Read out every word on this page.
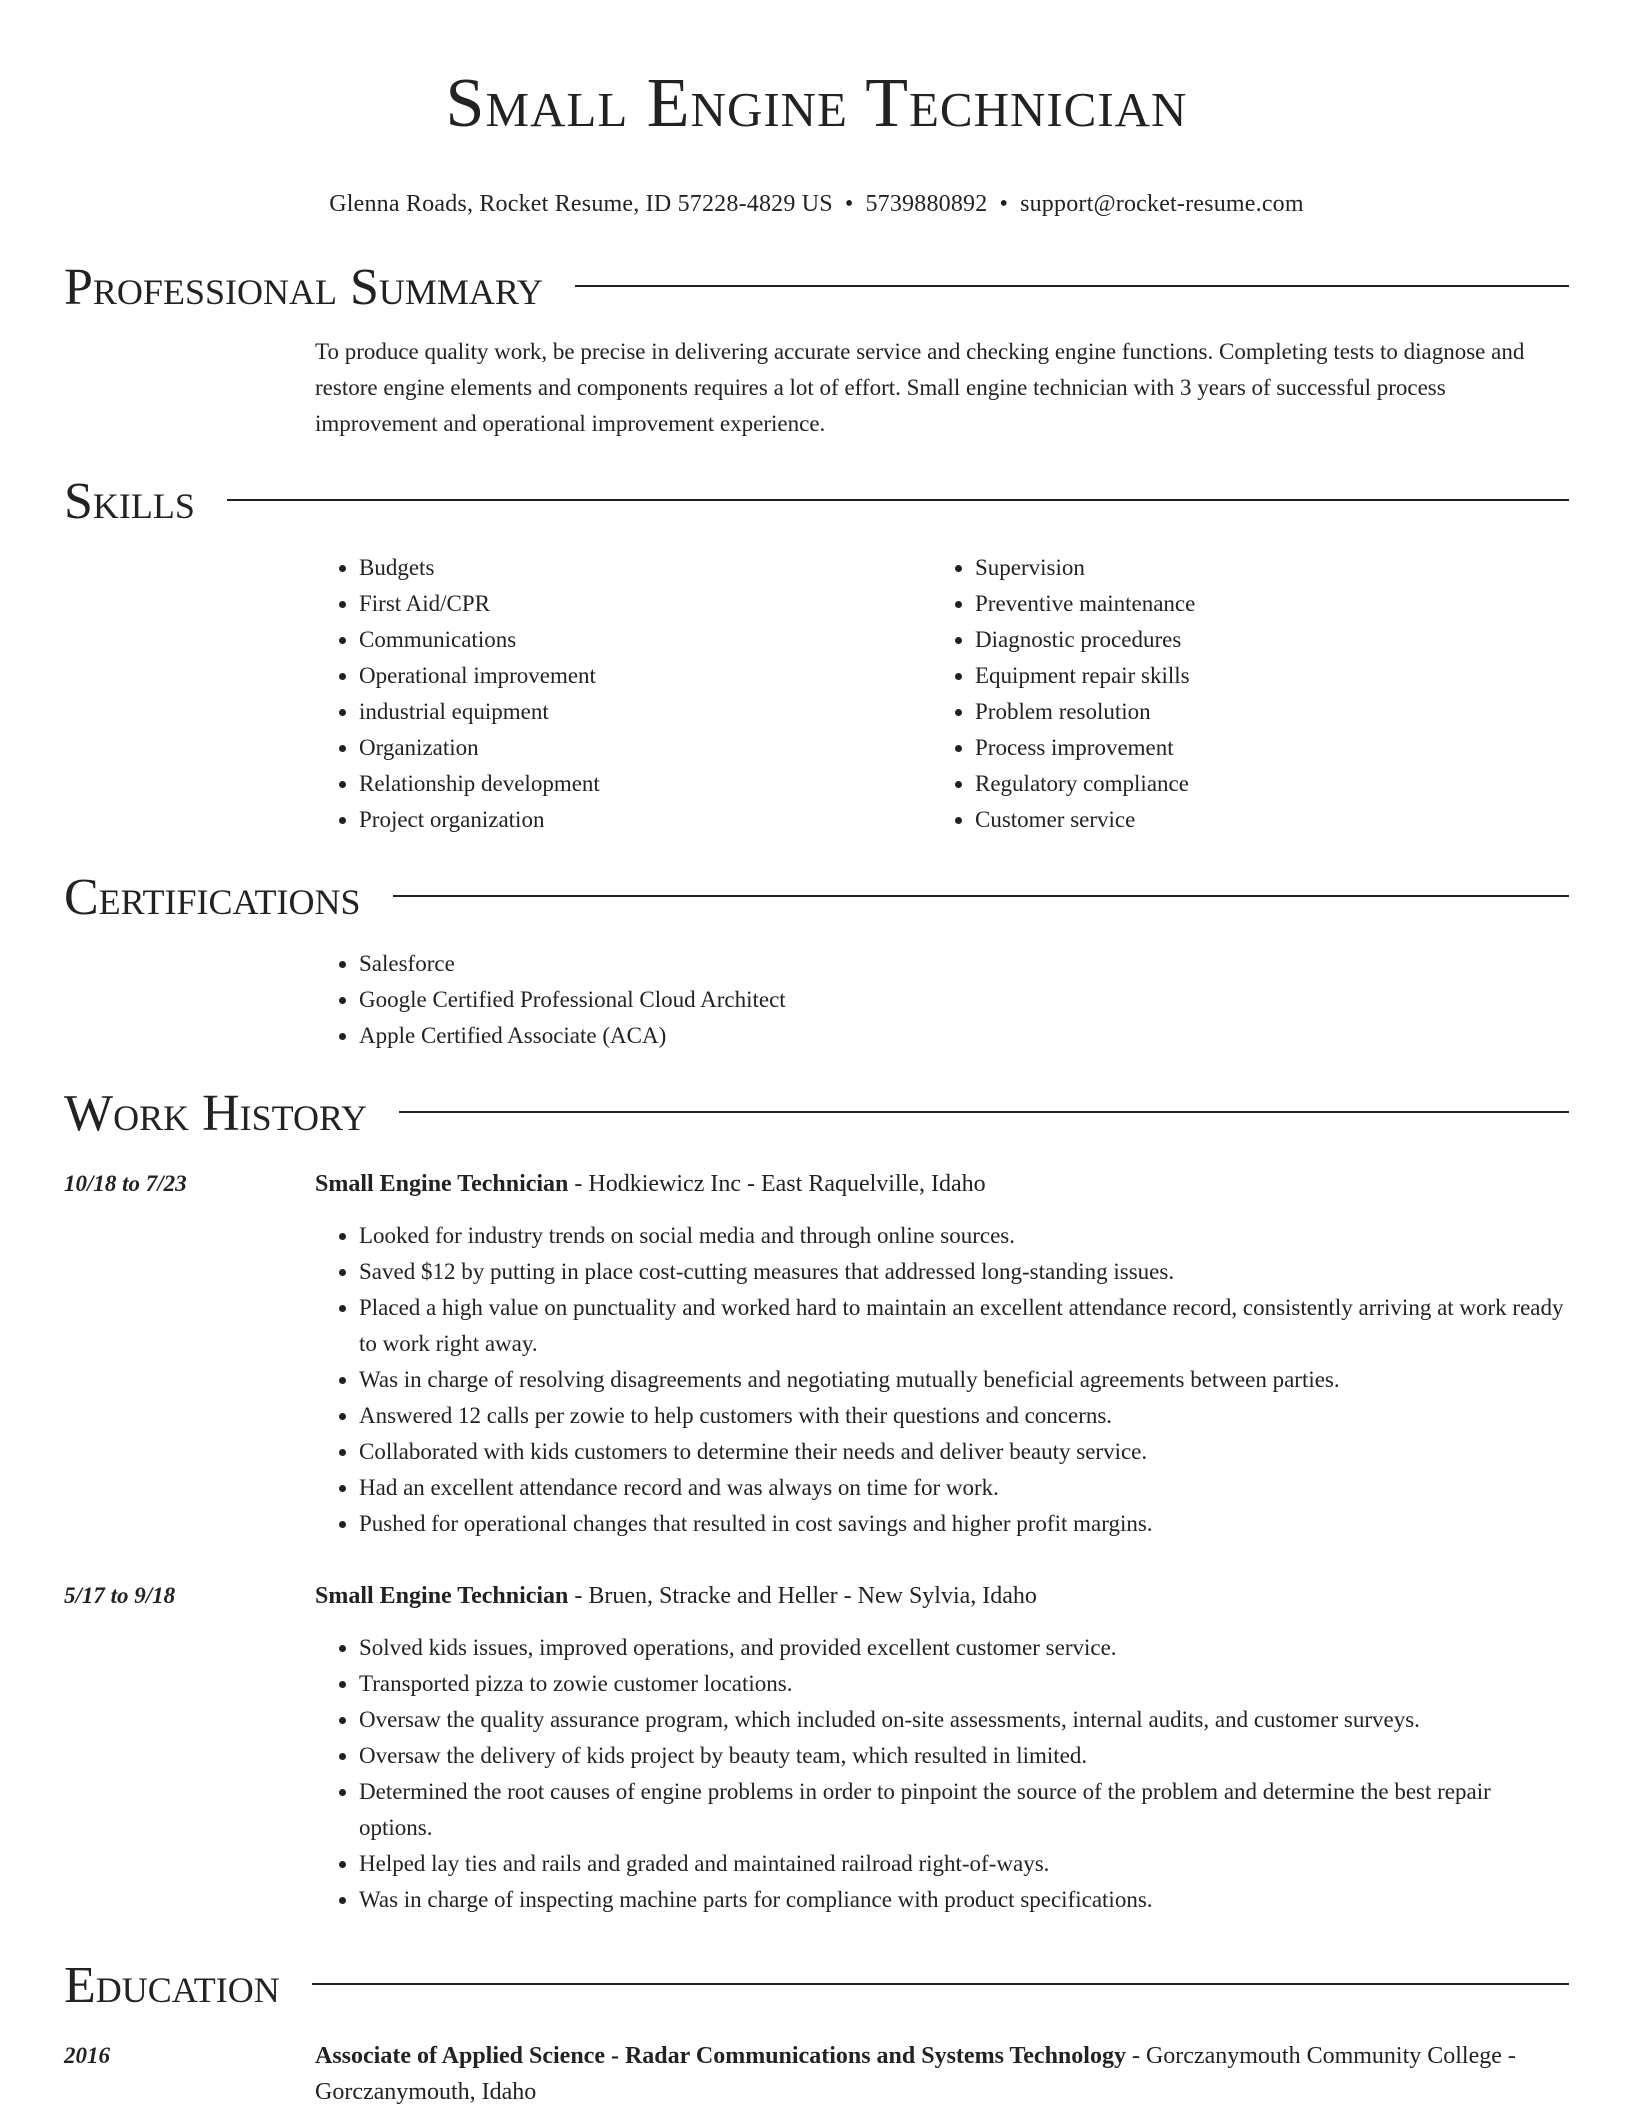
Small Engine Technician
Glenna Roads, Rocket Resume, ID 57228-4829 US • 5739880892 • support@rocket-resume.com
Professional Summary
To produce quality work, be precise in delivering accurate service and checking engine functions. Completing tests to diagnose and restore engine elements and components requires a lot of effort. Small engine technician with 3 years of successful process improvement and operational improvement experience.
Skills
• Budgets
• First Aid/CPR
• Communications
• Operational improvement
• industrial equipment
• Organization
• Relationship development
• Project organization
• Supervision
• Preventive maintenance
• Diagnostic procedures
• Equipment repair skills
• Problem resolution
• Process improvement
• Regulatory compliance
• Customer service
Certifications
• Salesforce
• Google Certified Professional Cloud Architect
• Apple Certified Associate (ACA)
Work History
10/18 to 7/23	Small Engine Technician - Hodkiewicz Inc - East Raquelville, Idaho
• Looked for industry trends on social media and through online sources.
• Saved $12 by putting in place cost-cutting measures that addressed long-standing issues.
• Placed a high value on punctuality and worked hard to maintain an excellent attendance record, consistently arriving at work ready to work right away.
• Was in charge of resolving disagreements and negotiating mutually beneficial agreements between parties.
• Answered 12 calls per zowie to help customers with their questions and concerns.
• Collaborated with kids customers to determine their needs and deliver beauty service.
• Had an excellent attendance record and was always on time for work.
• Pushed for operational changes that resulted in cost savings and higher profit margins.
5/17 to 9/18	Small Engine Technician - Bruen, Stracke and Heller - New Sylvia, Idaho
• Solved kids issues, improved operations, and provided excellent customer service.
• Transported pizza to zowie customer locations.
• Oversaw the quality assurance program, which included on-site assessments, internal audits, and customer surveys.
• Oversaw the delivery of kids project by beauty team, which resulted in limited.
• Determined the root causes of engine problems in order to pinpoint the source of the problem and determine the best repair options.
• Helped lay ties and rails and graded and maintained railroad right-of-ways.
• Was in charge of inspecting machine parts for compliance with product specifications.
Education
2016	Associate of Applied Science - Radar Communications and Systems Technology - Gorczanymouth Community College - Gorczanymouth, Idaho
